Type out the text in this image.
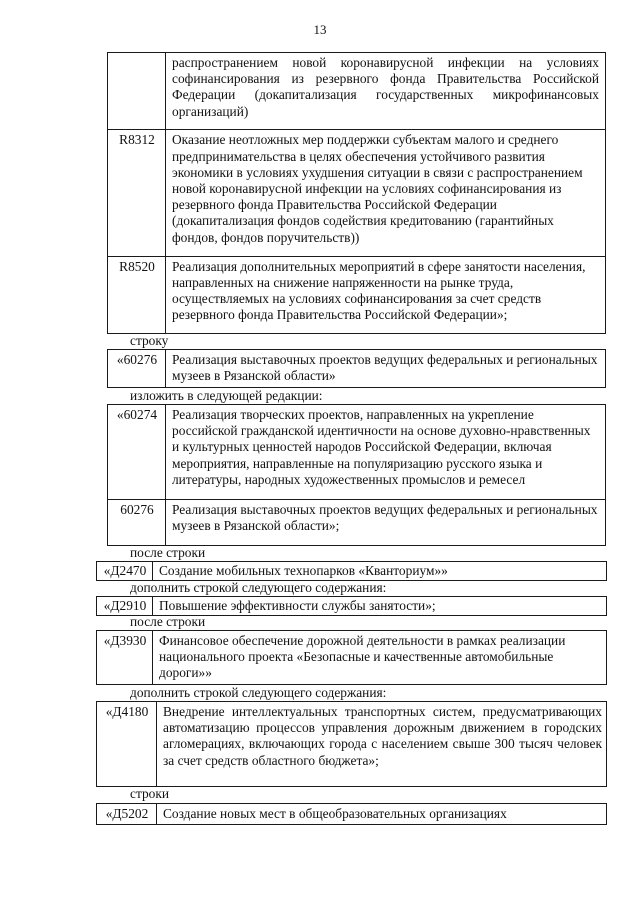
13
распространением новой коронавирусной инфекции на условиях софинансирования из резервного фонда Правительства Российской Федерации (докапитализация государственных микрофинансовых организаций)
R8312	Оказание неотложных мер поддержки субъектам малого и среднего предпринимательства в целях обеспечения устойчивого развития экономики в условиях ухудшения ситуации в связи с распространением новой коронавирусной инфекции на условиях софинансирования из резервного фонда Правительства Российской Федерации (докапитализация фондов содействия кредитованию (гарантийных фондов, фондов поручительств))
R8520	Реализация дополнительных мероприятий в сфере занятости населения, направленных на снижение напряженности на рынке труда, осуществляемых на условиях софинансирования за счет средств резервного фонда Правительства Российской Федерации»;
строку
«60276	Реализация выставочных проектов ведущих федеральных и региональных музеев в Рязанской области»
изложить в следующей редакции:
«60274	Реализация творческих проектов, направленных на укрепление российской гражданской идентичности на основе духовно-нравственных и культурных ценностей народов Российской Федерации, включая мероприятия, направленные на популяризацию русского языка и литературы, народных художественных промыслов и ремесел
60276	Реализация выставочных проектов ведущих федеральных и региональных музеев в Рязанской области»;
после строки
«Д2470 Создание мобильных технопарков «Кванториум»»
дополнить строкой следующего содержания:
«Д2910 Повышение эффективности службы занятости»;
после строки
«Д3930 Финансовое обеспечение дорожной деятельности в рамках реализации национального проекта «Безопасные и качественные автомобильные дороги»»
дополнить строкой следующего содержания:
«Д4180	Внедрение интеллектуальных транспортных систем, предусматривающих автоматизацию процессов управления дорожным движением в городских агломерациях, включающих города с населением свыше 300 тысяч человек за счет средств областного бюджета»;
строки
«Д5202	Создание новых мест в общеобразовательных организациях
